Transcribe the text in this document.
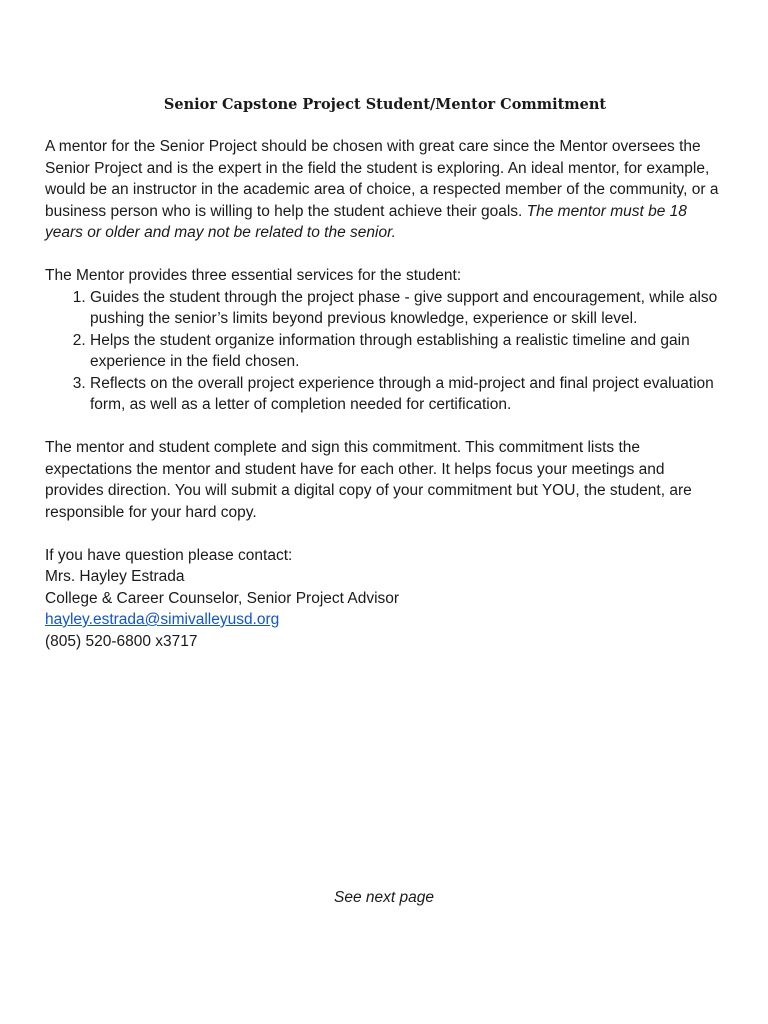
Senior Capstone Project Student/Mentor Commitment

A mentor for the Senior Project should be chosen with great care since the Mentor oversees the Senior Project and is the expert in the field the student is exploring. An ideal mentor, for example, would be an instructor in the academic area of choice, a respected member of the community, or a business person who is willing to help the student achieve their goals. The mentor must be 18 years or older and may not be related to the senior.

The Mentor provides three essential services for the student:

1. Guides the student through the project phase - give support and encouragement, while also pushing the senior’s limits beyond previous knowledge, experience or skill level.
2. Helps the student organize information through establishing a realistic timeline and gain experience in the field chosen.
3. Reflects on the overall project experience through a mid-project and final project evaluation form, as well as a letter of completion needed for certification.

The mentor and student complete and sign this commitment. This commitment lists the expectations the mentor and student have for each other. It helps focus your meetings and provides direction. You will submit a digital copy of your commitment but YOU, the student, are responsible for your hard copy.

If you have question please contact:
Mrs. Hayley Estrada
College & Career Counselor, Senior Project Advisor
hayley.estrada@simivalleyusd.org
(805) 520-6800 x3717
See next page
